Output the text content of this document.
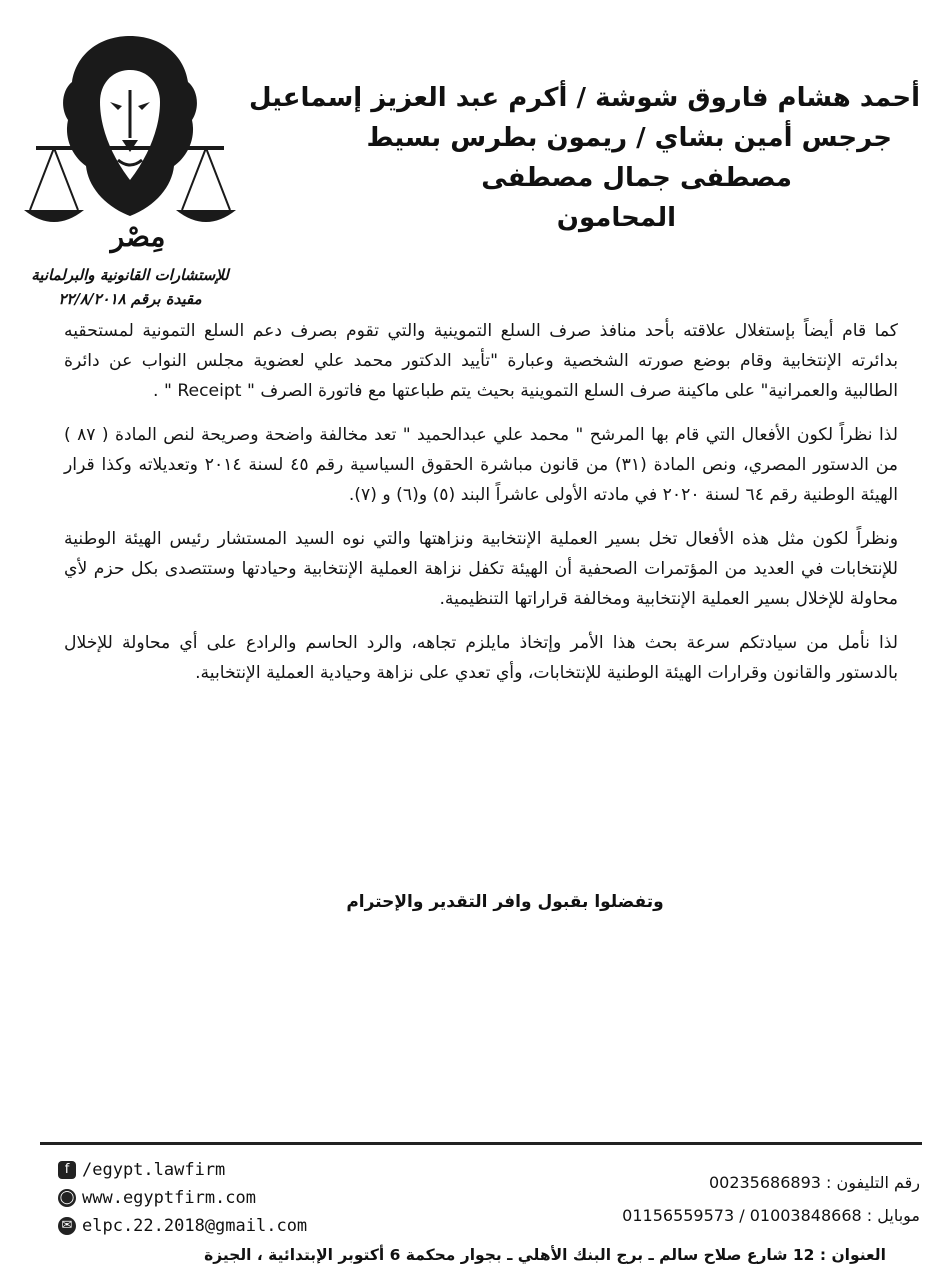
مِصْر
للإستشارات القانونية والبرلمانية
مقيدة برقم ٢٢/٨/٢٠١٨
أحمد هشام فاروق شوشة / أكرم عبد العزيز إسماعيل
جرجس أمين بشاي / ريمون بطرس بسيط
مصطفى جمال مصطفى
المحامون

كما قام أيضاً بإستغلال علاقته بأحد منافذ صرف السلع التموينية والتي تقوم بصرف دعم السلع التمونية لمستحقيه بدائرته الإنتخابية وقام بوضع صورته الشخصية وعبارة "تأييد الدكتور محمد علي لعضوية مجلس النواب عن دائرة الطالبية والعمرانية" على ماكينة صرف السلع التموينية بحيث يتم طباعتها مع فاتورة الصرف " Receipt " .

لذا نظراً لكون الأفعال التي قام بها المرشح " محمد علي عبدالحميد " تعد مخالفة واضحة وصريحة لنص المادة ( ٨٧ ) من الدستور المصري، ونص المادة (٣١) من قانون مباشرة الحقوق السياسية رقم ٤٥ لسنة ٢٠١٤ وتعديلاته وكذا قرار الهيئة الوطنية رقم ٦٤ لسنة ٢٠٢٠ في مادته الأولى عاشراً البند (٥) و(٦) و (٧).

ونظراً لكون مثل هذه الأفعال تخل بسير العملية الإنتخابية ونزاهتها والتي نوه السيد المستشار رئيس الهيئة الوطنية للإنتخابات في العديد من المؤتمرات الصحفية أن الهيئة تكفل نزاهة العملية الإنتخابية وحيادتها وستتصدى بكل حزم لأي محاولة للإخلال بسير العملية الإنتخابية ومخالفة قراراتها التنظيمية.

لذا نأمل من سيادتكم سرعة بحث هذا الأمر وإتخاذ مايلزم تجاهه، والرد الحاسم والرادع على أي محاولة للإخلال بالدستور والقانون وقرارات الهيئة الوطنية للإنتخابات، وأي تعدي على نزاهة وحيادية العملية الإنتخابية.

وتفضلوا بقبول وافر التقدير والإحترام
f /egypt.lawfirm
◯ www.egyptfirm.com
✉ elpc.22.2018@gmail.com
رقم التليفون : 00235686893
موبايل : 01156559573 / 01003848668
العنوان : 12 شارع صلاح سالم ـ برج البنك الأهلي ـ بجوار محكمة 6 أكتوبر الإبتدائية ، الجيزة
